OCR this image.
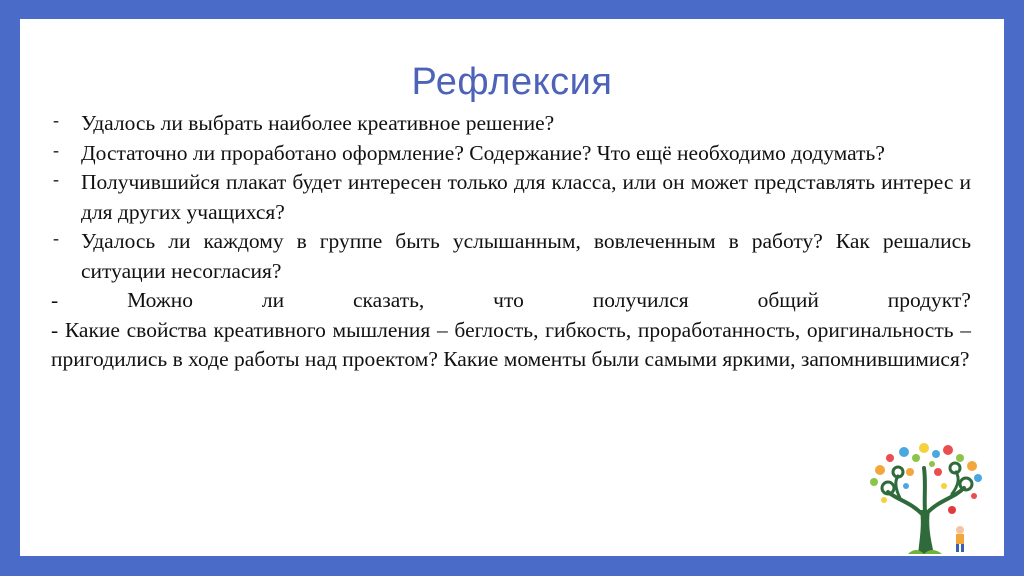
Рефлексия
- Удалось ли выбрать наиболее креативное решение?
- Достаточно ли проработано оформление? Содержание? Что ещё необходимо додумать?
- Получившийся плакат будет интересен только для класса, или он может представлять интерес и для других учащихся?
- Удалось ли каждому в группе быть услышанным, вовлеченным в работу? Как решались ситуации несогласия?
-	Можно	ли	сказать,	что	получился	общий	продукт?
- Какие свойства креативного мышления – беглость, гибкость, проработанность, оригинальность – пригодились в ходе работы над проектом? Какие моменты были самыми яркими, запомнившимися?
